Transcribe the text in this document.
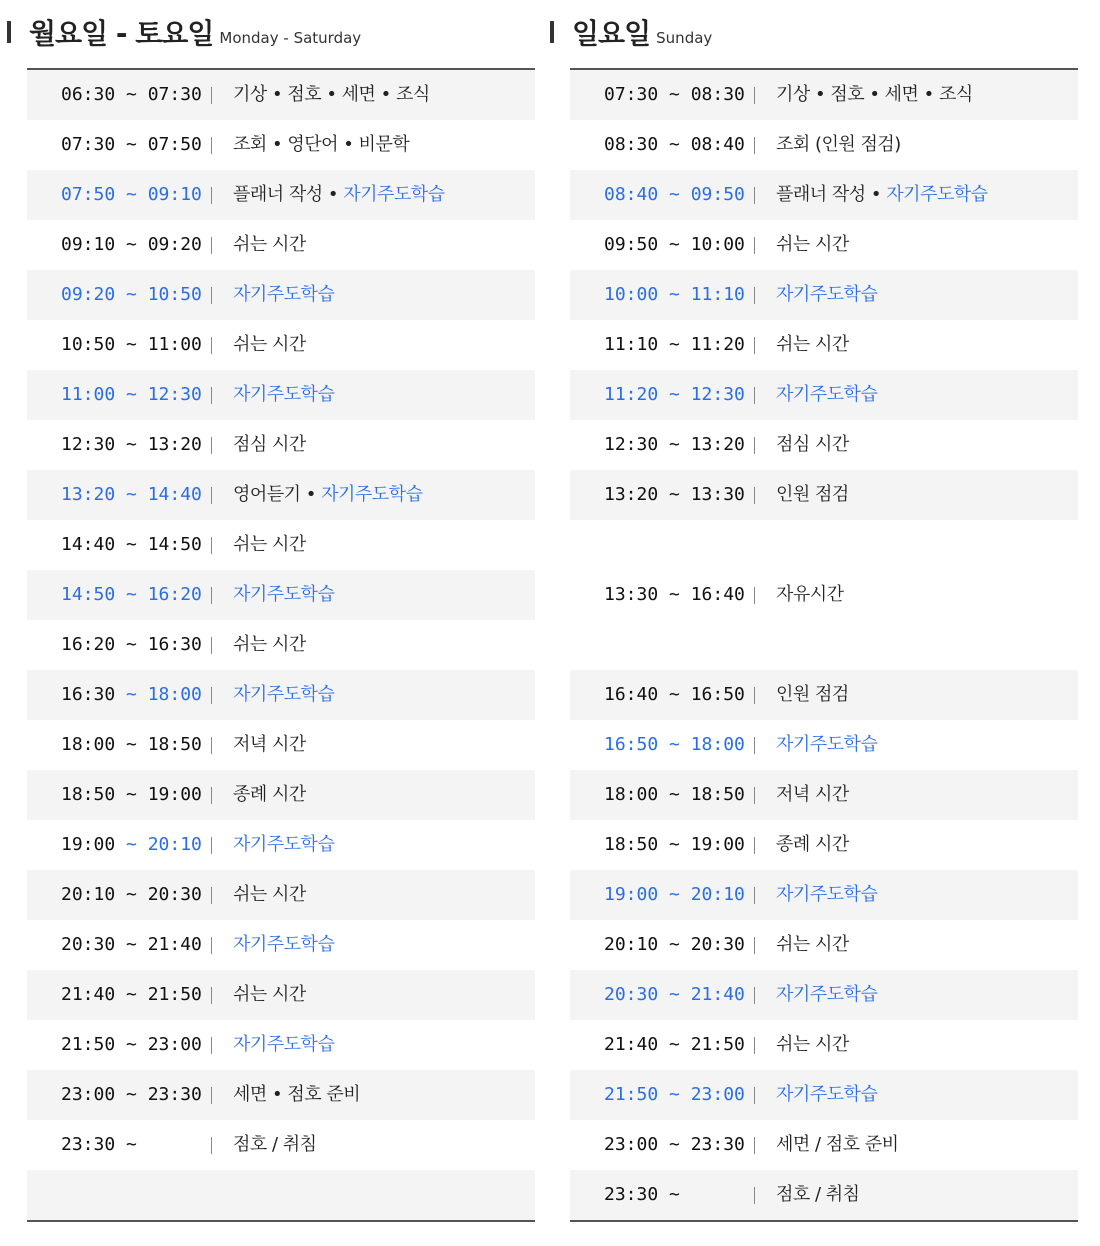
월요일 - 토요일 Monday - Saturday
06:30 ~ 07:30 기상 • 점호 • 세면 • 조식
07:30 ~ 07:50 조회 • 영단어 • 비문학
07:50 ~ 09:10 플래너 작성 • 자기주도학습
09:10 ~ 09:20 쉬는 시간
09:20 ~ 10:50 자기주도학습
10:50 ~ 11:00 쉬는 시간
11:00 ~ 12:30 자기주도학습
12:30 ~ 13:20 점심 시간
13:20 ~ 14:40 영어듣기 • 자기주도학습
14:40 ~ 14:50 쉬는 시간
14:50 ~ 16:20 자기주도학습
16:20 ~ 16:30 쉬는 시간
16:30 ~ 18:00 자기주도학습
18:00 ~ 18:50 저녁 시간
18:50 ~ 19:00 종례 시간
19:00 ~ 20:10 자기주도학습
20:10 ~ 20:30 쉬는 시간
20:30 ~ 21:40 자기주도학습
21:40 ~ 21:50 쉬는 시간
21:50 ~ 23:00 자기주도학습
23:00 ~ 23:30 세면 • 점호 준비
23:30 ~	점호 / 취침
일요일 Sunday
07:30 ~ 08:30 기상 • 점호 • 세면 • 조식
08:30 ~ 08:40 조회 (인원 점검)
08:40 ~ 09:50 플래너 작성 • 자기주도학습
09:50 ~ 10:00 쉬는 시간
10:00 ~ 11:10 자기주도학습
11:10 ~ 11:20 쉬는 시간
11:20 ~ 12:30 자기주도학습
12:30 ~ 13:20 점심 시간
13:20 ~ 13:30 인원 점검
13:30 ~ 16:40 자유시간
16:40 ~ 16:50 인원 점검
16:50 ~ 18:00 자기주도학습
18:00 ~ 18:50 저녁 시간
18:50 ~ 19:00 종례 시간
19:00 ~ 20:10 자기주도학습
20:10 ~ 20:30 쉬는 시간
20:30 ~ 21:40 자기주도학습
21:40 ~ 21:50 쉬는 시간
21:50 ~ 23:00 자기주도학습
23:00 ~ 23:30 세면 / 점호 준비
23:30 ~	점호 / 취침
